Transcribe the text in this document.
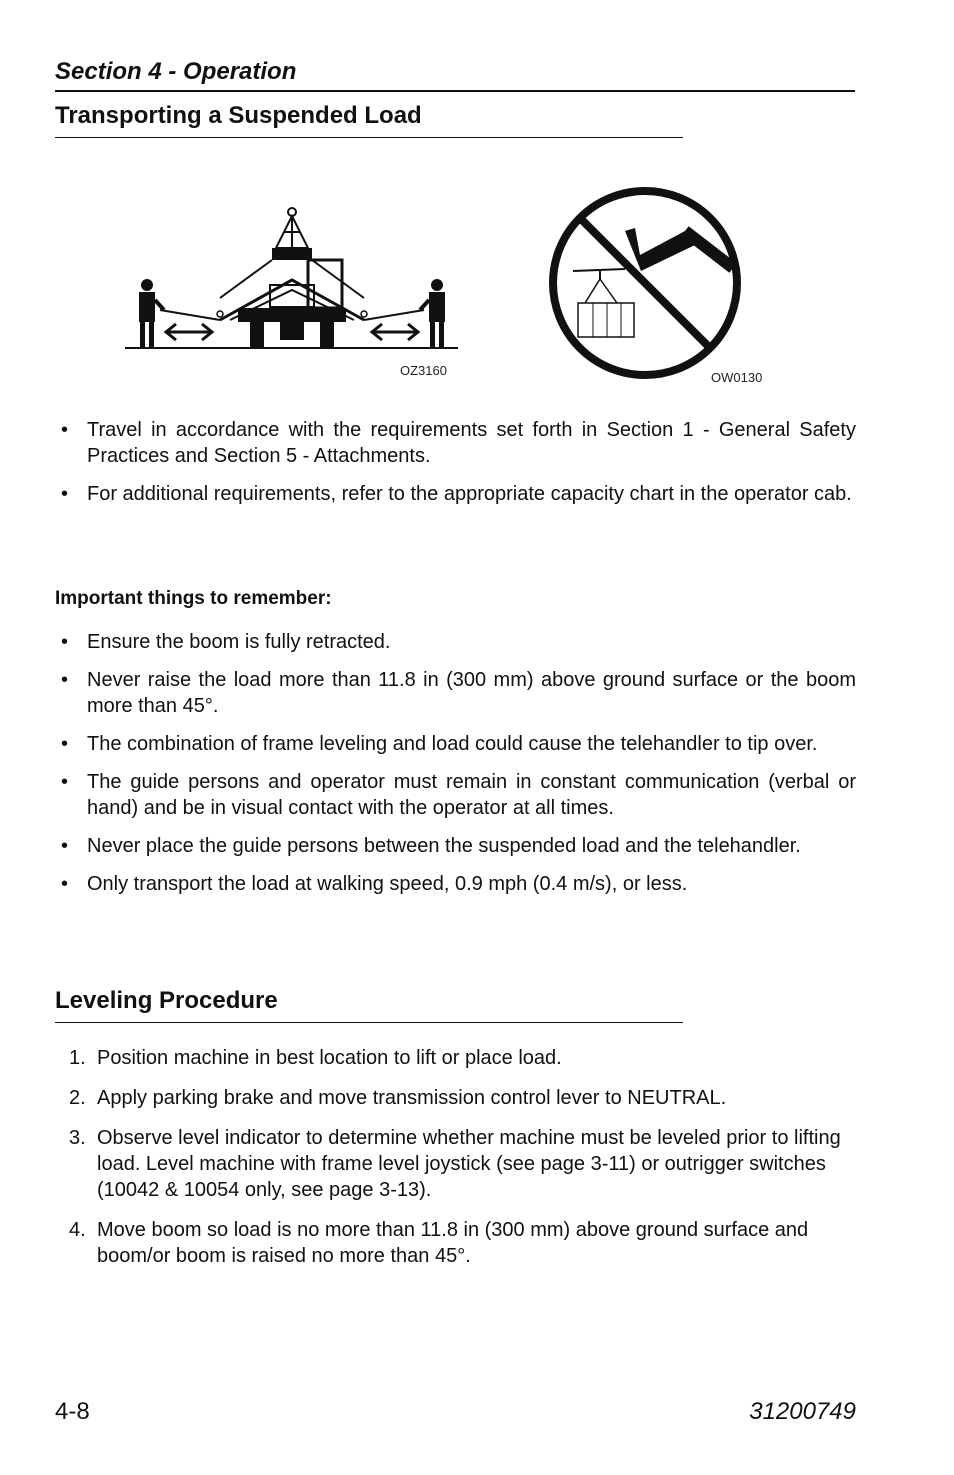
Section 4 - Operation
Transporting a Suspended Load
OZ3160	OW0130
• Travel in accordance with the requirements set forth in Section 1 - General Safety Practices and Section 5 - Attachments.
• For additional requirements, refer to the appropriate capacity chart in the operator cab.
Important things to remember:
• Ensure the boom is fully retracted.
• Never raise the load more than 11.8 in (300 mm) above ground surface or the boom more than 45°.
• The combination of frame leveling and load could cause the telehandler to tip over.
• The guide persons and operator must remain in constant communication (verbal or hand) and be in visual contact with the operator at all times.
• Never place the guide persons between the suspended load and the telehandler.
• Only transport the load at walking speed, 0.9 mph (0.4 m/s), or less.
Leveling Procedure
1. Position machine in best location to lift or place load.
2. Apply parking brake and move transmission control lever to NEUTRAL.
3. Observe level indicator to determine whether machine must be leveled prior to lifting load. Level machine with frame level joystick (see page 3-11) or outrigger switches (10042 & 10054 only, see page 3-13).
4. Move boom so load is no more than 11.8 in (300 mm) above ground surface and boom/or boom is raised no more than 45°.
4-8	31200749
